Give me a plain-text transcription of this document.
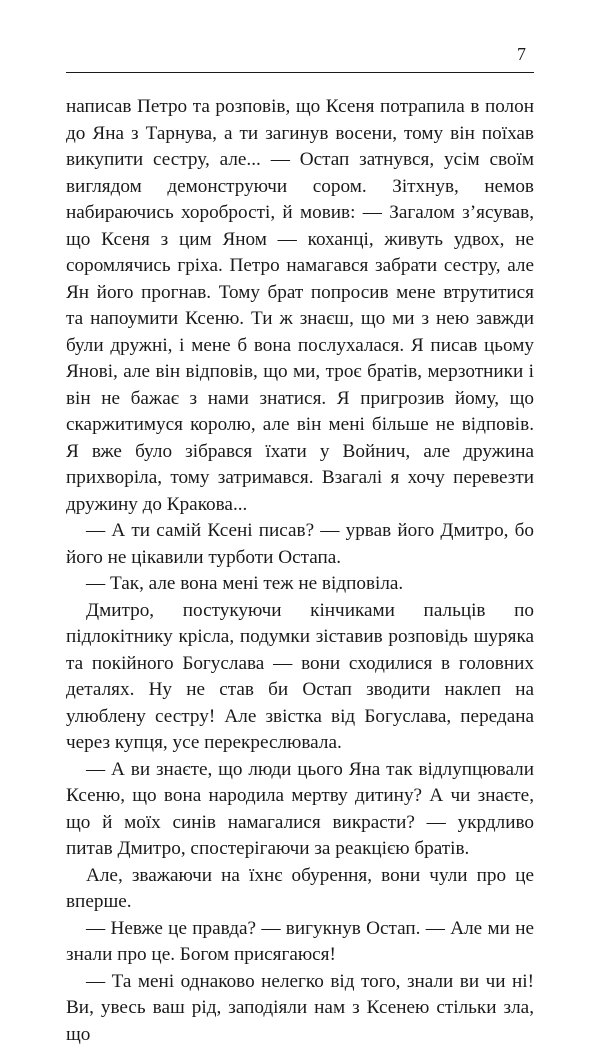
7

написав Петро та розповів, що Ксеня потрапила в полон до Яна з Тарнува, а ти загинув восени, тому він поїхав викупити сестру, але... — Остап затнувся, усім своїм виглядом демонструючи сором. Зітхнув, немов набираючись хоробрості, й мовив: — Загалом з’ясував, що Ксеня з цим Яном — коханці, живуть удвох, не соромлячись гріха. Петро намагався забрати сестру, але Ян його прогнав. Тому брат попросив мене втрутитися та напоумити Ксеню. Ти ж знаєш, що ми з нею завжди були дружні, і мене б вона послухалася. Я писав цьому Янові, але він відповів, що ми, троє братів, мерзотники і він не бажає з нами знатися. Я пригрозив йому, що скаржитимуся королю, але він мені більше не відповів. Я вже було зібрався їхати у Войнич, але дружина прихворіла, тому затримався. Взагалі я хочу перевезти дружину до Кракова...

— А ти самій Ксені писав? — урвав його Дмитро, бо його не цікавили турботи Остапа.

— Так, але вона мені теж не відповіла.

Дмитро, постукуючи кінчиками пальців по підлокітнику крісла, подумки зіставив розповідь шуряка та покійного Богуслава — вони сходилися в головних деталях. Ну не став би Остап зводити наклеп на улюблену сестру! Але звістка від Богуслава, передана через купця, усе перекреслювала.

— А ви знаєте, що люди цього Яна так відлупцювали Ксеню, що вона народила мертву дитину? А чи знаєте, що й моїх синів намагалися викрасти? — укрдливо питав Дмитро, спостерігаючи за реакцією братів.

Але, зважаючи на їхнє обурення, вони чули про це вперше.

— Невже це правда? — вигукнув Остап. — Але ми не знали про це. Богом присягаюся!

— Та мені однаково нелегко від того, знали ви чи ні! Ви, увесь ваш рід, заподіяли нам з Ксенею стільки зла, що
